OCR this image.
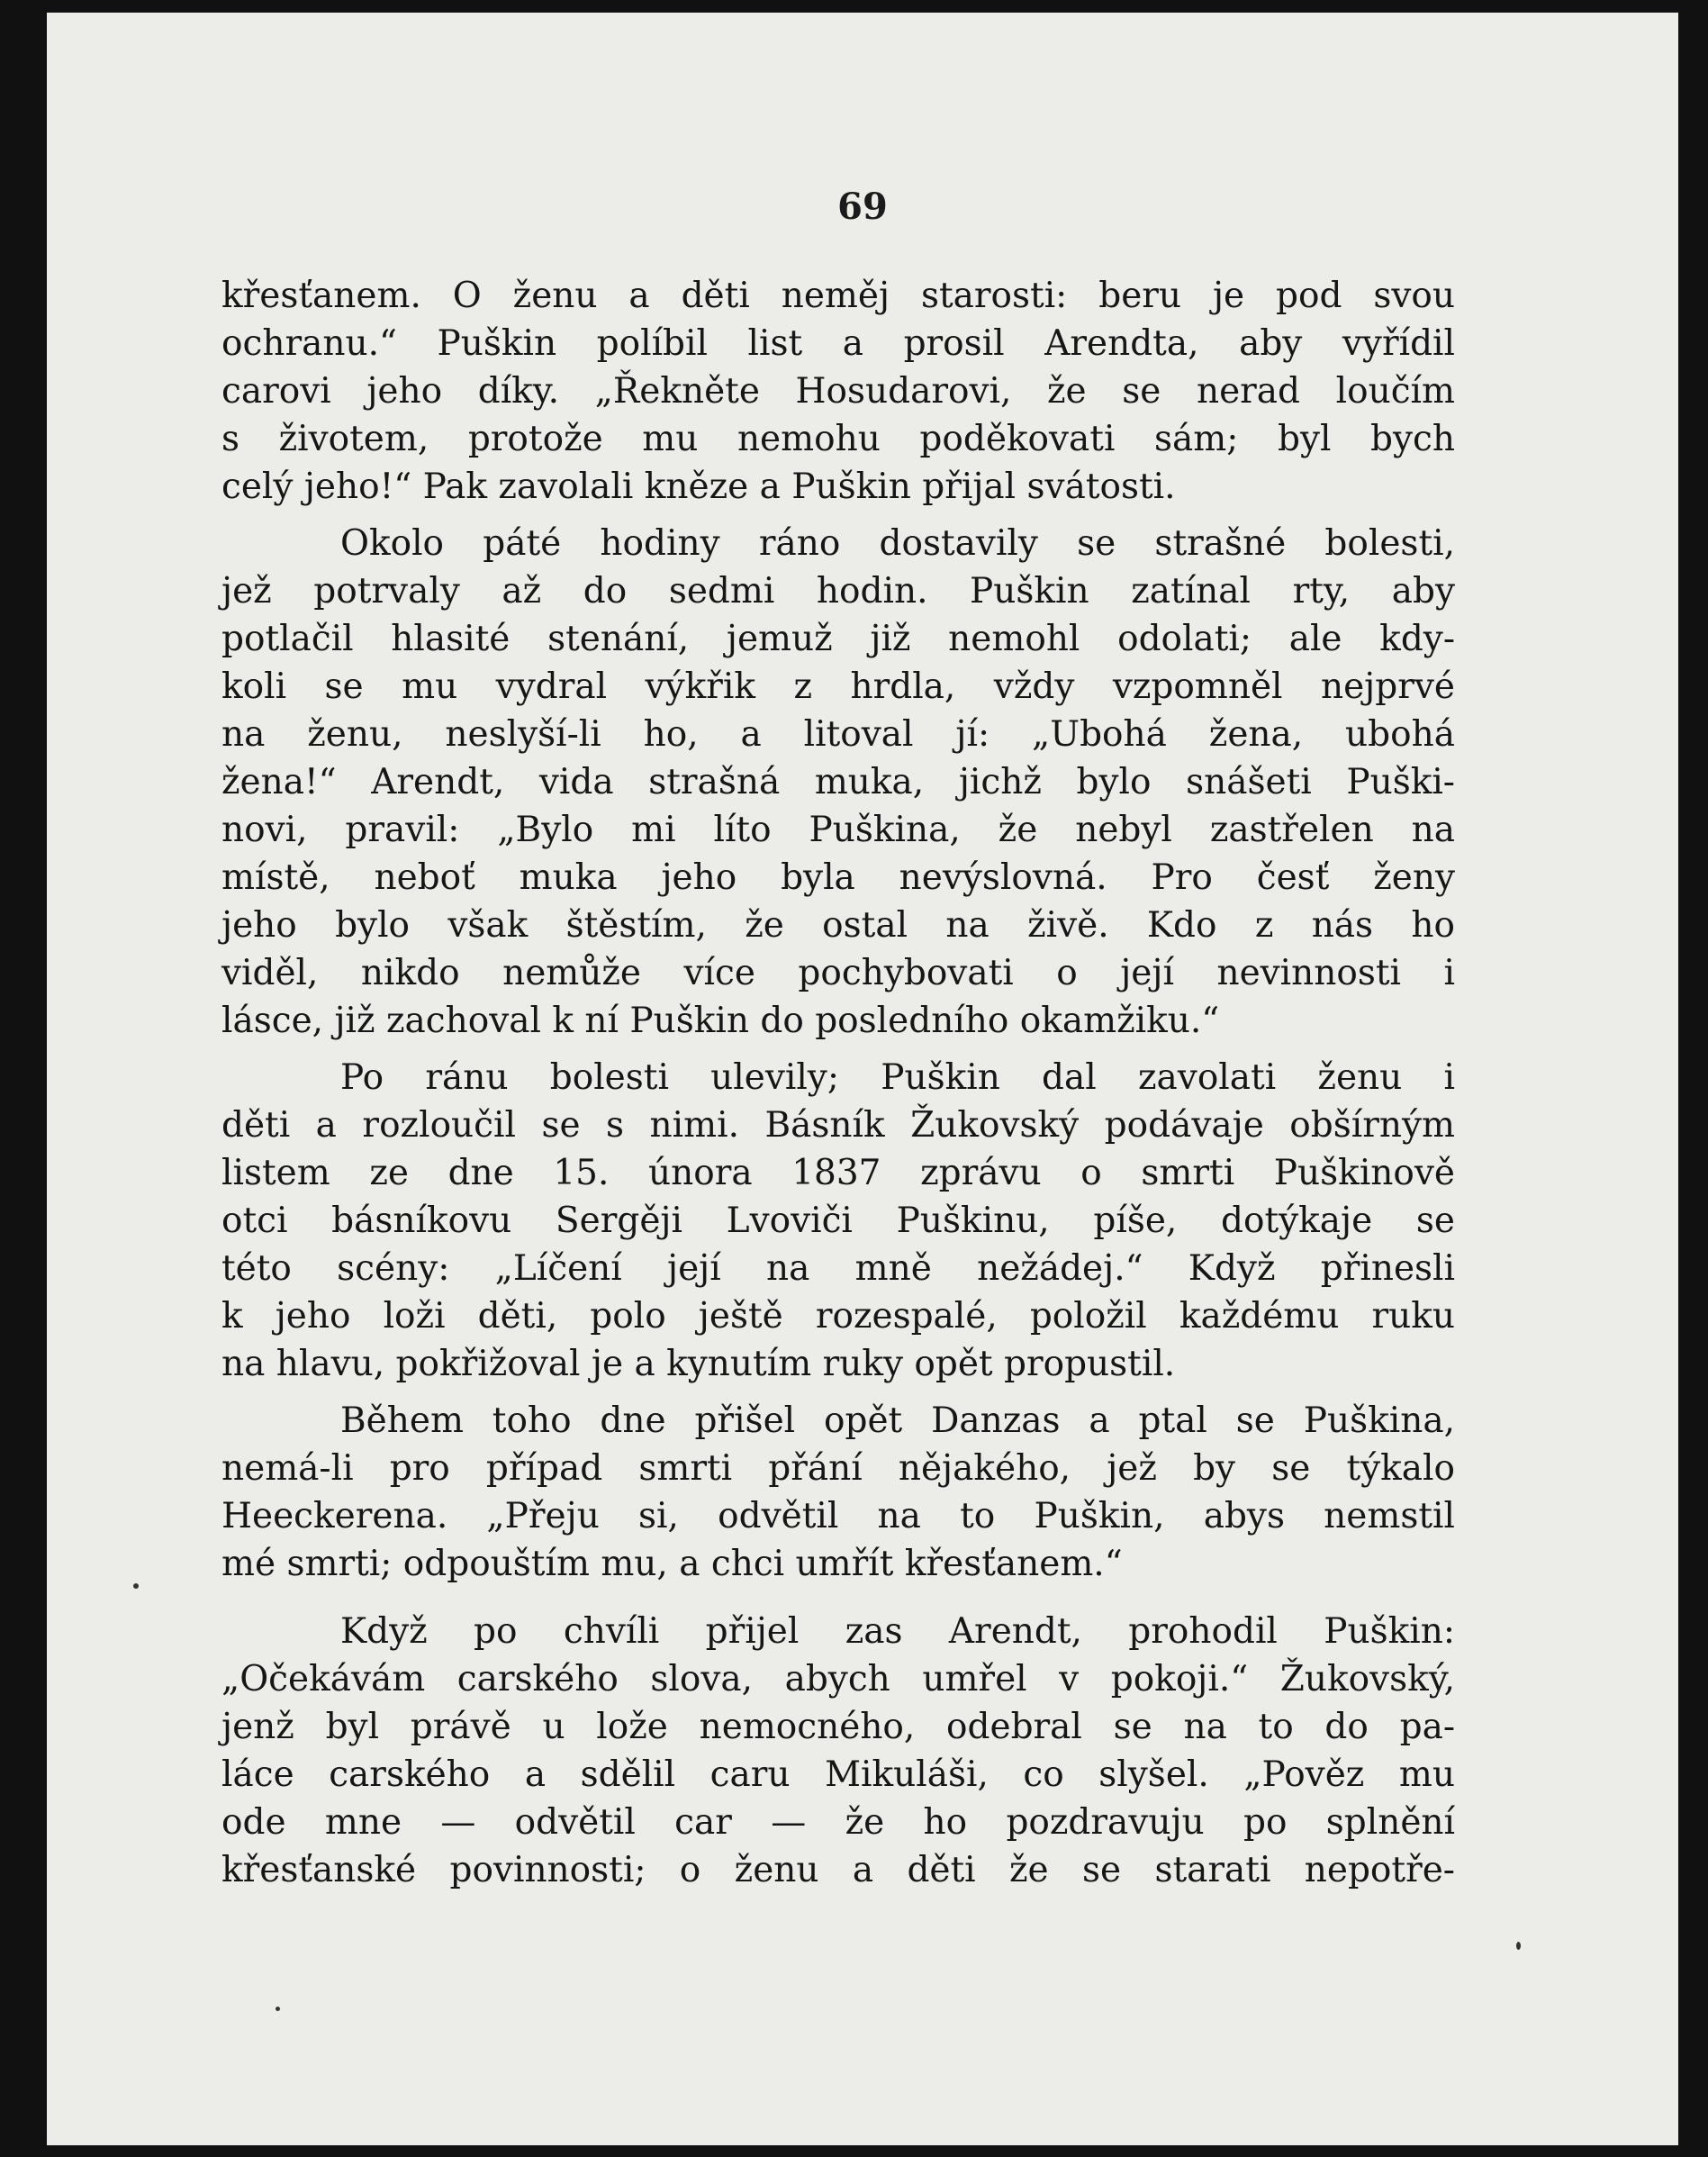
69

křesťanem. O ženu a děti neměj starosti: beru je pod svou
ochranu.“ Puškin políbil list a prosil Arendta, aby vyřídil
carovi jeho díky. „Řekněte Hosudarovi, že se nerad loučím
s životem, protože mu nemohu poděkovati sám; byl bych
celý jeho!“ Pak zavolali kněze a Puškin přijal svátosti.
Okolo páté hodiny ráno dostavily se strašné bolesti,
jež potrvaly až do sedmi hodin. Puškin zatínal rty, aby
potlačil hlasité stenání, jemuž již nemohl odolati; ale kdy-
koli se mu vydral výkřik z hrdla, vždy vzpomněl nejprvé
na ženu, neslyší-li ho, a litoval jí: „Ubohá žena, ubohá
žena!“ Arendt, vida strašná muka, jichž bylo snášeti Puški-
novi, pravil: „Bylo mi líto Puškina, že nebyl zastřelen na
místě, neboť muka jeho byla nevýslovná. Pro česť ženy
jeho bylo však štěstím, že ostal na živě. Kdo z nás ho
viděl, nikdo nemůže více pochybovati o její nevinnosti i
lásce, již zachoval k ní Puškin do posledního okamžiku.“
Po ránu bolesti ulevily; Puškin dal zavolati ženu i
děti a rozloučil se s nimi. Básník Žukovský podávaje obšírným
listem ze dne 15. února 1837 zprávu o smrti Puškinově
otci básníkovu Sergěji Lvoviči Puškinu, píše, dotýkaje se
této scény: „Líčení její na mně nežádej.“ Když přinesli
k jeho loži děti, polo ještě rozespalé, položil každému ruku
na hlavu, pokřižoval je a kynutím ruky opět propustil.
Během toho dne přišel opět Danzas a ptal se Puškina,
nemá-li pro případ smrti přání nějakého, jež by se týkalo
Heeckerena. „Přeju si, odvětil na to Puškin, abys nemstil
mé smrti; odpouštím mu, a chci umřít křesťanem.“
Když po chvíli přijel zas Arendt, prohodil Puškin:
„Očekávám carského slova, abych umřel v pokoji.“ Žukovský,
jenž byl právě u lože nemocného, odebral se na to do pa-
láce carského a sdělil caru Mikuláši, co slyšel. „Pověz mu
ode mne — odvětil car — že ho pozdravuju po splnění
křesťanské povinnosti; o ženu a děti že se starati nepotře-
